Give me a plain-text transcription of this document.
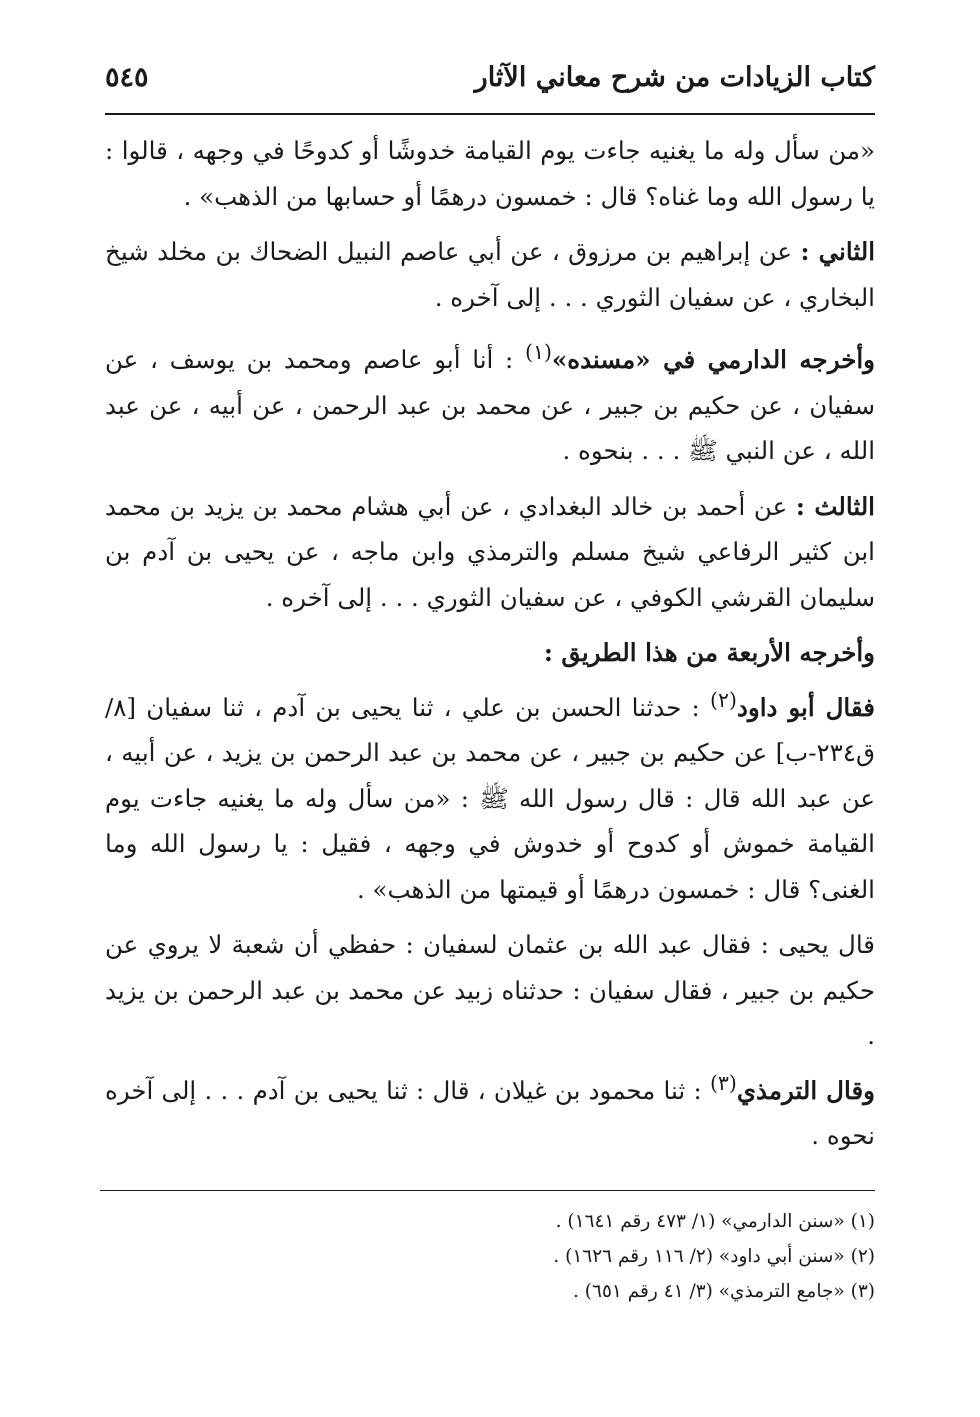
كتاب الزيادات من شرح معاني الآثار
٥٤٥

«من سأل وله ما يغنيه جاءت يوم القيامة خدوشًا أو كدوحًا في وجهه ، قالوا : يا رسول الله وما غناه؟ قال : خمسون درهمًا أو حسابها من الذهب» .

الثاني : عن إبراهيم بن مرزوق ، عن أبي عاصم النبيل الضحاك بن مخلد شيخ البخاري ، عن سفيان الثوري . . . إلى آخره .

وأخرجه الدارمي في «مسنده»$^{(١)}$ : أنا أبو عاصم ومحمد بن يوسف ، عن سفيان ، عن حكيم بن جبير ، عن محمد بن عبد الرحمن ، عن أبيه ، عن عبد الله ، عن النبي ﷺ . . . بنحوه .

الثالث : عن أحمد بن خالد البغدادي ، عن أبي هشام محمد بن يزيد بن محمد ابن كثير الرفاعي شيخ مسلم والترمذي وابن ماجه ، عن يحيى بن آدم بن سليمان القرشي الكوفي ، عن سفيان الثوري . . . إلى آخره .

وأخرجه الأربعة من هذا الطريق :

فقال أبو داود$^{(٢)}$ : حدثنا الحسن بن علي ، ثنا يحيى بن آدم ، ثنا سفيان [٨/ق٢٣٤-ب] عن حكيم بن جبير ، عن محمد بن عبد الرحمن بن يزيد ، عن أبيه ، عن عبد الله قال : قال رسول الله ﷺ : «من سأل وله ما يغنيه جاءت يوم القيامة خموش أو كدوح أو خدوش في وجهه ، فقيل : يا رسول الله وما الغنى؟ قال : خمسون درهمًا أو قيمتها من الذهب» .

قال يحيى : فقال عبد الله بن عثمان لسفيان : حفظي أن شعبة لا يروي عن حكيم بن جبير ، فقال سفيان : حدثناه زبيد عن محمد بن عبد الرحمن بن يزيد .

وقال الترمذي$^{(٣)}$ : ثنا محمود بن غيلان ، قال : ثنا يحيى بن آدم . . . إلى آخره نحوه .

(١) «سنن الدارمي» (١/ ٤٧٣ رقم ١٦٤١) .

(٢) «سنن أبي داود» (٢/ ١١٦ رقم ١٦٢٦) .

(٣) «جامع الترمذي» (٣/ ٤١ رقم ٦٥١) .
